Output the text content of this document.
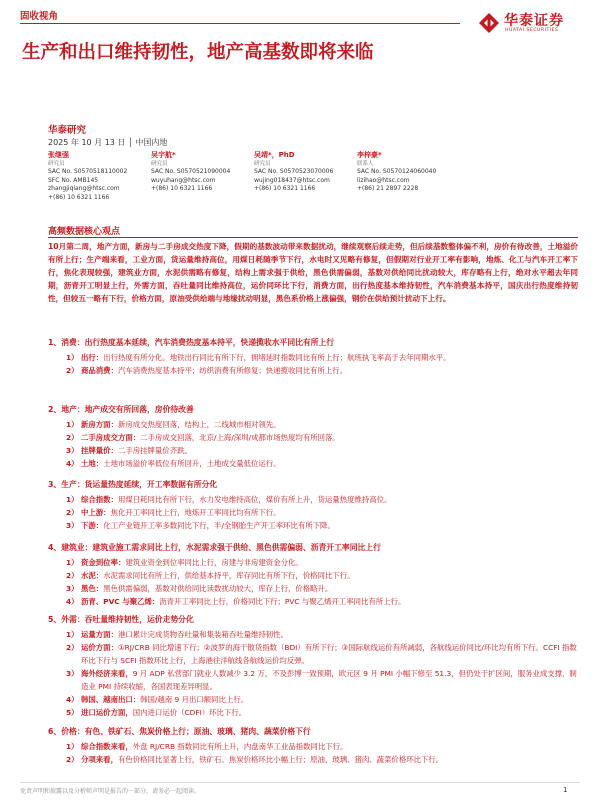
固收视角	华泰证券
HUATAI SECURITIES
生产和出口维持韧性，地产高基数即将来临
华泰研究
2025 年 10 月 13 日 │ 中国内地
张继强
研究员
SAC No. S0570518110002
SFC No. AMB145
zhangjiqiang@htsc.com
+(86) 10 6321 1166
吴宇航*
研究员
SAC No. S0570521090004
wuyuhang@htsc.com
+(86) 10 6321 1166
吴靖*，PhD
研究员
SAC No. S0570523070006
wujing018437@htsc.com
+(86) 10 6321 1166
李梓豪*
联系人
SAC No. S0570124060040
lizihao@htsc.com
+(86) 21 2897 2228
高频数据核心观点
10月第二周，地产方面，新房与二手房成交热度下降，假期的基数波动带来数据扰动，继续观察后续走势，但后续基数整体偏不利，房价有待改善，土地溢价有所上行；生产端来看，工业方面，货运量维持高位，用煤日耗随季节下行，水电时又见略有修复，但假期对行业开工率有影响，地炼、化工与汽车开工率下行，焦化表现较强，建筑业方面，水泥供需略有修复，结构上需求强于供给，黑色供需偏弱，基数对供给同比扰动较大，库存略有上行，绝对水平超去年同期，沥青开工明显上行，外需方面，吞吐量同比维持高位，运价同环比下行，消费方面，出行热度基本维持韧性，汽车消费基本持平，国庆出行热度维持韧性，但较五一略有下行，价格方面，原油受供给端与地缘扰动明显，黑色系价格上涨偏强，钢价在供给预计扰动下上行。
1、消费：出行热度基本延续，汽车消费热度基本持平，快递揽收水平同比有所上行
1） 出行：出行热度有所分化。地铁出行同比有所下行，拥堵延时指数同比有所上行；航班执飞率高于去年同期水平。
2） 商品消费：汽车消费热度基本持平；纺织消费有所修复；快递揽收同比有所上行。
2、地产：地产成交有所回落，房价待改善
1） 新房方面：新房成交热度回落，结构上，二线城市相对领先。
2） 二手房成交方面：二手房成交回落，北京/上海/深圳/成都市场热度均有所回落。
3） 挂牌量价：二手房挂牌量价齐跌。
4） 土地：土地市场溢价率低位有所回升，土地成交量低位运行。
3、生产：货运量热度延续，开工率数据有所分化
1） 综合指数：用煤日耗同比有所下行，水力发电维持高位，煤价有所上升，货运量热度维持高位。
2） 中上游：焦化开工率同比上行，地炼开工率同比均有所下行。
3） 下游：化工产业链开工率多数同比下行，半/全钢胎生产开工率环比有所下降。
4、建筑业：建筑业施工需求同比上行，水泥需求强于供给、黑色供需偏弱、沥青开工率同比上行
1） 资金到位率：建筑业资金到位率同比上行，房建与非房建资金分化。
2） 水泥：水泥需求同比有所上行，供给基本持平，库存同比有所下行，价格同比下行。
3） 黑色：黑色供需偏弱，基数对供给同比读数扰动较大，库存上行，价格略升。
4） 沥青、PVC 与聚乙烯：沥青开工率同比上行，价格同比下行；PVC 与聚乙烯开工率同比有所上行。
5、外需：吞吐量维持韧性，运价走势分化
1） 运量方面：港口累计完成货物吞吐量和集装箱吞吐量维持韧性。
2） 运价方面：①RJ/CRB 同比增速下行；②波罗的海干散货指数（BDI）有所下行；③国际航线运价有所减弱，各航线运价同比/环比均有所下行。CCFI 指数环比下行与 SCFI 指数环比上行，上海港往洋航线各航线运价均反弹。
3） 海外经济来看，9 月 ADP 私营部门就业人数减少 3.2 万，不及彭博一致预期，欧元区 9 月 PMI 小幅下修至 51.3，但仍处于扩区间，服务业成支撑，制造业 PMI 持续收缩，各国表现差异明显。
4） 韩国、越南出口：韩国/越南 9 月出口额同比上行。
5） 进口运价方面，国内进口运价（CDFI）环比下行。
6、价格：有色、铁矿石、焦炭价格上行；原油、玻璃、猪肉、蔬菜价格下行
1） 综合指数来看，外盘 RJ/CRB 指数同比有所上升，内盘南华工业品指数同比下行。
2） 分项来看，有色价格同比显著上行，铁矿石、焦炭价格环比小幅上行；原油、玻璃、猪肉、蔬菜价格环比下行。
免责声明和披露以及分析师声明是报告的一部分，请务必一起阅读。	1
